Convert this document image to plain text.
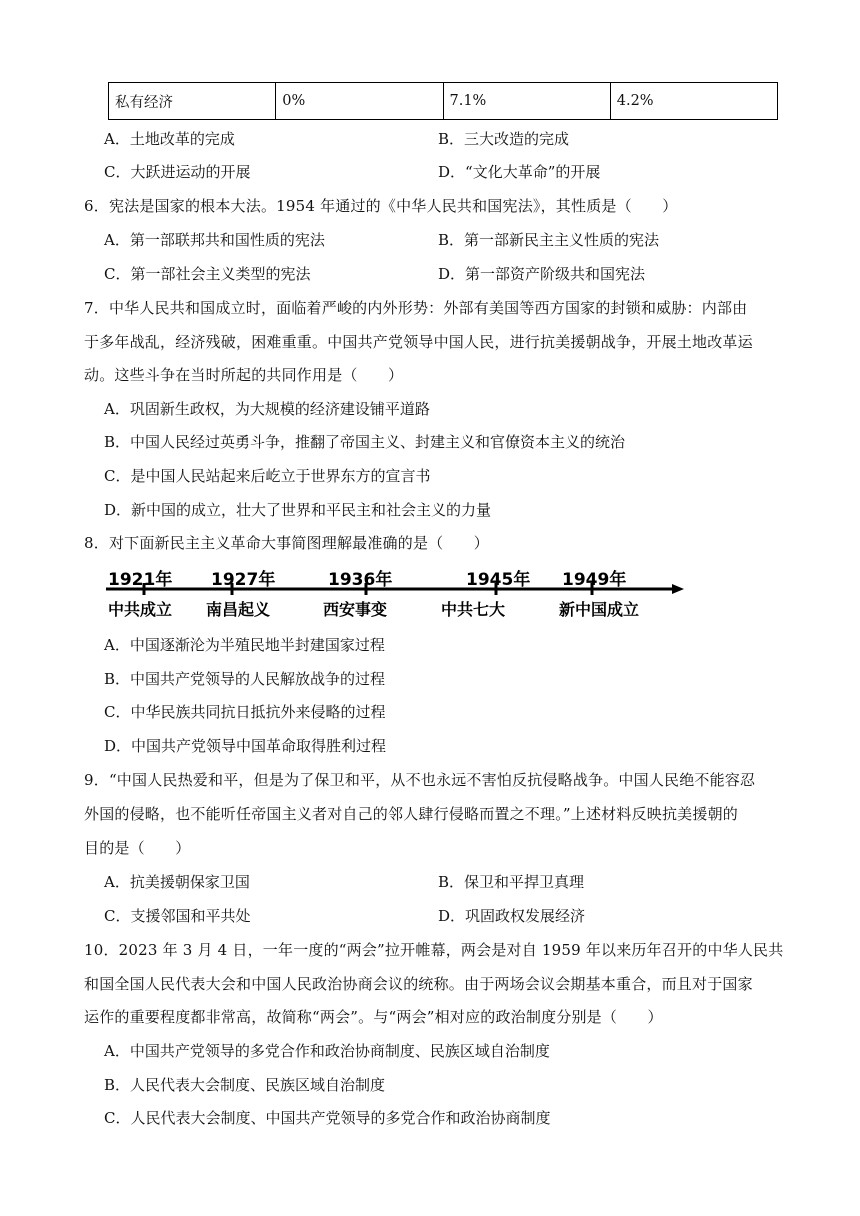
私有经济	0%	7.1%	4.2%
A．土地改革的完成	B．三大改造的完成
C．大跃进运动的开展	D．“文化大革命”的开展
6．宪法是国家的根本大法。1954 年通过的《中华人民共和国宪法》，其性质是（　　）
A．第一部联邦共和国性质的宪法	B．第一部新民主主义性质的宪法
C．第一部社会主义类型的宪法	D．第一部资产阶级共和国宪法
7．中华人民共和国成立时，面临着严峻的内外形势：外部有美国等西方国家的封锁和威胁：内部由
于多年战乱，经济残破，困难重重。中国共产党领导中国人民，进行抗美援朝战争，开展土地改革运
动。这些斗争在当时所起的共同作用是（　　）
A．巩固新生政权，为大规模的经济建设铺平道路
B．中国人民经过英勇斗争，推翻了帝国主义、封建主义和官僚资本主义的统治
C．是中国人民站起来后屹立于世界东方的宣言书
D．新中国的成立，壮大了世界和平民主和社会主义的力量
8．对下面新民主主义革命大事简图理解最准确的是（　　）
1921年 1927年	1936年	1945年 1949年
中共成立 南昌起义	西安事变	中共七大	新中国成立
A．中国逐渐沦为半殖民地半封建国家过程
B．中国共产党领导的人民解放战争的过程
C．中华民族共同抗日抵抗外来侵略的过程
D．中国共产党领导中国革命取得胜利过程
9．“中国人民热爱和平，但是为了保卫和平，从不也永远不害怕反抗侵略战争。中国人民绝不能容忍
外国的侵略，也不能听任帝国主义者对自己的邻人肆行侵略而置之不理。”上述材料反映抗美援朝的
目的是（　　）
A．抗美援朝保家卫国	B．保卫和平捍卫真理
C．支援邻国和平共处	D．巩固政权发展经济
10．2023 年 3 月 4 日，一年一度的“两会”拉开帷幕，两会是对自 1959 年以来历年召开的中华人民共
和国全国人民代表大会和中国人民政治协商会议的统称。由于两场会议会期基本重合，而且对于国家
运作的重要程度都非常高，故简称“两会”。与“两会”相对应的政治制度分别是（　　）
A．中国共产党领导的多党合作和政治协商制度、民族区域自治制度
B．人民代表大会制度、民族区域自治制度
C．人民代表大会制度、中国共产党领导的多党合作和政治协商制度
